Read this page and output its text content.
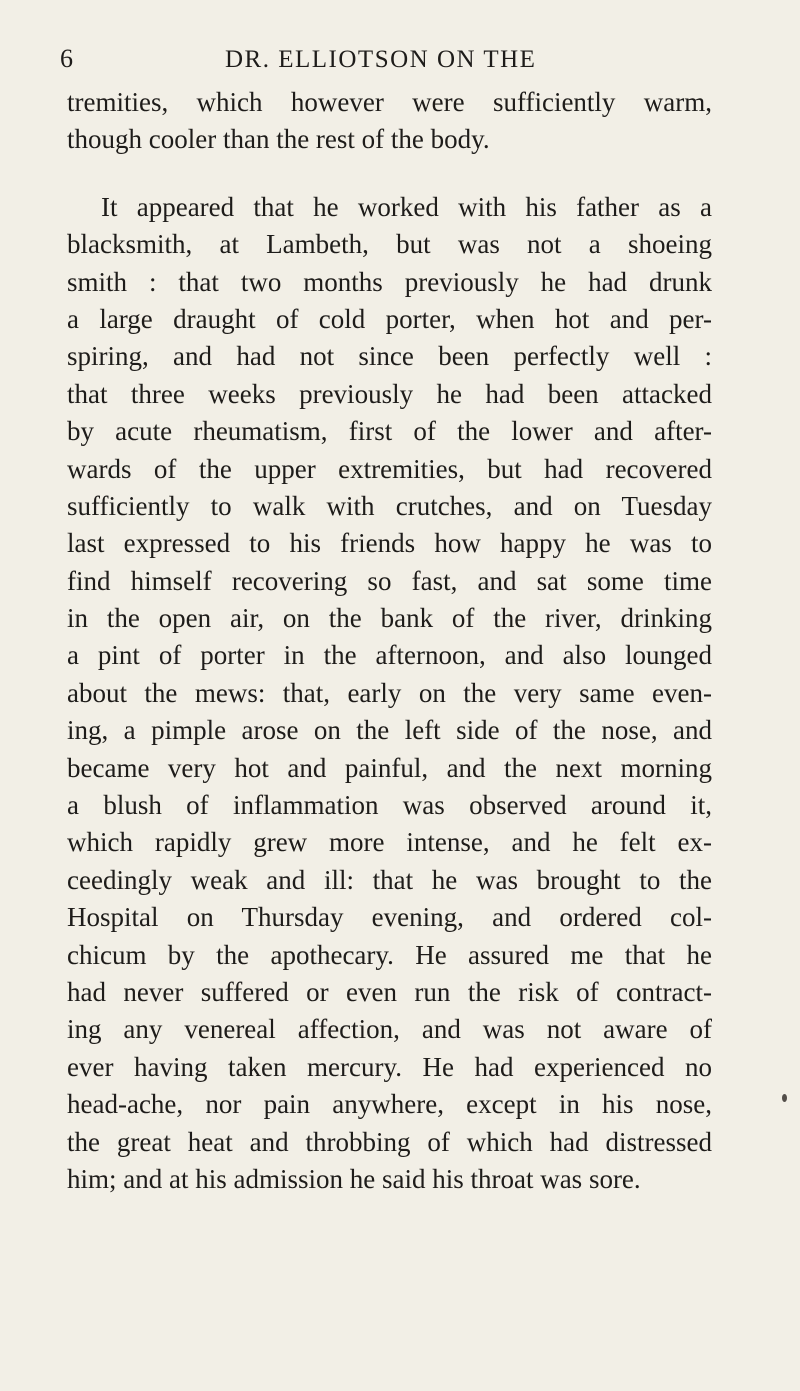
6	DR. ELLIOTSON ON THE
tremities, which however were sufficiently warm,
though cooler than the rest of the body.
It appeared that he worked with his father as a
blacksmith, at Lambeth, but was not a shoeing
smith : that two months previously he had drunk
a large draught of cold porter, when hot and per-
spiring, and had not since been perfectly well :
that three weeks previously he had been attacked
by acute rheumatism, first of the lower and after-
wards of the upper extremities, but had recovered
sufficiently to walk with crutches, and on Tuesday
last expressed to his friends how happy he was to
find himself recovering so fast, and sat some time
in the open air, on the bank of the river, drinking
a pint of porter in the afternoon, and also lounged
about the mews: that, early on the very same even-
ing, a pimple arose on the left side of the nose, and
became very hot and painful, and the next morning
a blush of inflammation was observed around it,
which rapidly grew more intense, and he felt ex-
ceedingly weak and ill: that he was brought to the
Hospital on Thursday evening, and ordered col-
chicum by the apothecary. He assured me that he
had never suffered or even run the risk of contract-
ing any venereal affection, and was not aware of
ever having taken mercury. He had experienced no
head-ache, nor pain anywhere, except in his nose,
the great heat and throbbing of which had distressed
him; and at his admission he said his throat was sore.
